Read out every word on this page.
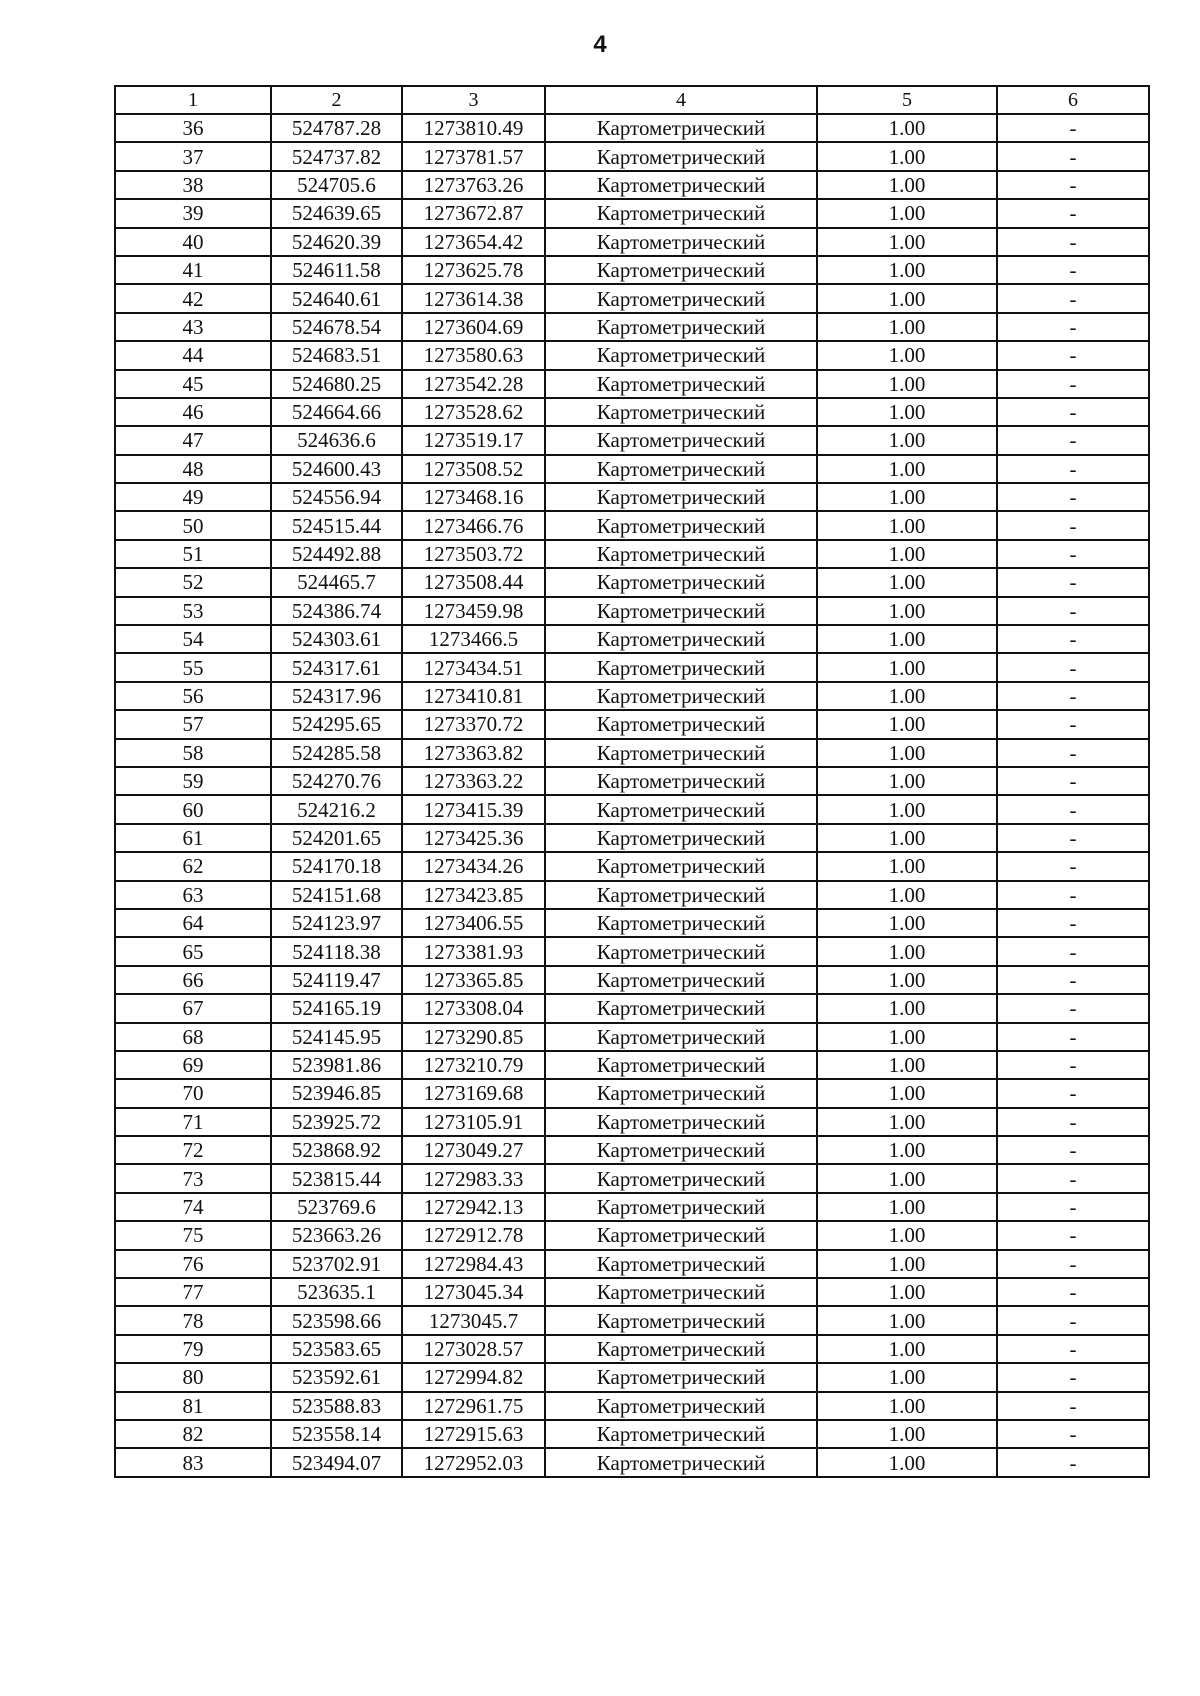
4
1	2	3	4	5	6
36	524787.28	1273810.49	Картометрический	1.00	-
37	524737.82	1273781.57	Картометрический	1.00	-
38	524705.6	1273763.26	Картометрический	1.00	-
39	524639.65	1273672.87	Картометрический	1.00	-
40	524620.39	1273654.42	Картометрический	1.00	-
41	524611.58	1273625.78	Картометрический	1.00	-
42	524640.61	1273614.38	Картометрический	1.00	-
43	524678.54	1273604.69	Картометрический	1.00	-
44	524683.51	1273580.63	Картометрический	1.00	-
45	524680.25	1273542.28	Картометрический	1.00	-
46	524664.66	1273528.62	Картометрический	1.00	-
47	524636.6	1273519.17	Картометрический	1.00	-
48	524600.43	1273508.52	Картометрический	1.00	-
49	524556.94	1273468.16	Картометрический	1.00	-
50	524515.44	1273466.76	Картометрический	1.00	-
51	524492.88	1273503.72	Картометрический	1.00	-
52	524465.7	1273508.44	Картометрический	1.00	-
53	524386.74	1273459.98	Картометрический	1.00	-
54	524303.61	1273466.5	Картометрический	1.00	-
55	524317.61	1273434.51	Картометрический	1.00	-
56	524317.96	1273410.81	Картометрический	1.00	-
57	524295.65	1273370.72	Картометрический	1.00	-
58	524285.58	1273363.82	Картометрический	1.00	-
59	524270.76	1273363.22	Картометрический	1.00	-
60	524216.2	1273415.39	Картометрический	1.00	-
61	524201.65	1273425.36	Картометрический	1.00	-
62	524170.18	1273434.26	Картометрический	1.00	-
63	524151.68	1273423.85	Картометрический	1.00	-
64	524123.97	1273406.55	Картометрический	1.00	-
65	524118.38	1273381.93	Картометрический	1.00	-
66	524119.47	1273365.85	Картометрический	1.00	-
67	524165.19	1273308.04	Картометрический	1.00	-
68	524145.95	1273290.85	Картометрический	1.00	-
69	523981.86	1273210.79	Картометрический	1.00	-
70	523946.85	1273169.68	Картометрический	1.00	-
71	523925.72	1273105.91	Картометрический	1.00	-
72	523868.92	1273049.27	Картометрический	1.00	-
73	523815.44	1272983.33	Картометрический	1.00	-
74	523769.6	1272942.13	Картометрический	1.00	-
75	523663.26	1272912.78	Картометрический	1.00	-
76	523702.91	1272984.43	Картометрический	1.00	-
77	523635.1	1273045.34	Картометрический	1.00	-
78	523598.66	1273045.7	Картометрический	1.00	-
79	523583.65	1273028.57	Картометрический	1.00	-
80	523592.61	1272994.82	Картометрический	1.00	-
81	523588.83	1272961.75	Картометрический	1.00	-
82	523558.14	1272915.63	Картометрический	1.00	-
83	523494.07	1272952.03	Картометрический	1.00	-
